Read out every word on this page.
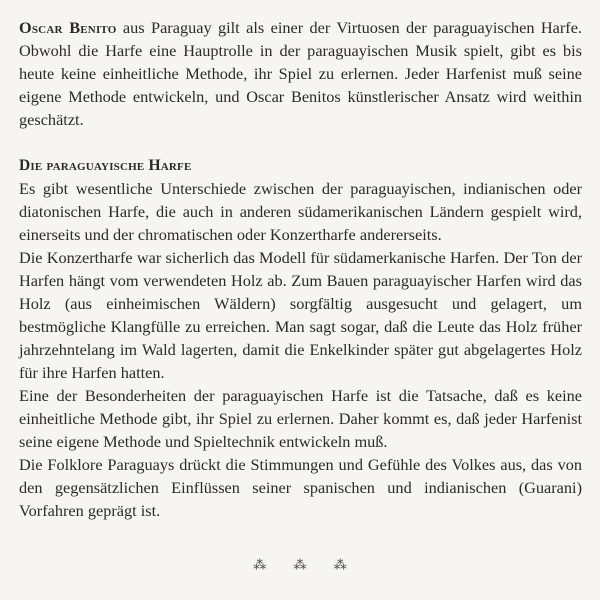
Oscar Benito aus Paraguay gilt als einer der Virtuosen der paraguayischen Harfe. Obwohl die Harfe eine Hauptrolle in der paraguayischen Musik spielt, gibt es bis heute keine einheitliche Methode, ihr Spiel zu erlernen. Jeder Harfenist muß seine eigene Methode entwickeln, und Oscar Benitos künstlerischer Ansatz wird weithin geschätzt.

Die paraguayische Harfe

Es gibt wesentliche Unterschiede zwischen der paraguayischen, indianischen oder diatonischen Harfe, die auch in anderen südamerikanischen Ländern gespielt wird, einerseits und der chromatischen oder Konzertharfe andererseits.

Die Konzertharfe war sicherlich das Modell für südamerkanische Harfen. Der Ton der Harfen hängt vom verwendeten Holz ab. Zum Bauen paraguayischer Harfen wird das Holz (aus einheimischen Wäldern) sorgfältig ausgesucht und gelagert, um bestmögliche Klangfülle zu erreichen. Man sagt sogar, daß die Leute das Holz früher jahrzehntelang im Wald lagerten, damit die Enkelkinder später gut abgelagertes Holz für ihre Harfen hatten.

Eine der Besonderheiten der paraguayischen Harfe ist die Tatsache, daß es keine einheitliche Methode gibt, ihr Spiel zu erlernen. Daher kommt es, daß jeder Harfenist seine eigene Methode und Spieltechnik entwickeln muß.

Die Folklore Paraguays drückt die Stimmungen und Gefühle des Volkes aus, das von den gegensätzlichen Einflüssen seiner spanischen und indianischen (Guarani) Vorfahren geprägt ist.

⁂ ⁂ ⁂
